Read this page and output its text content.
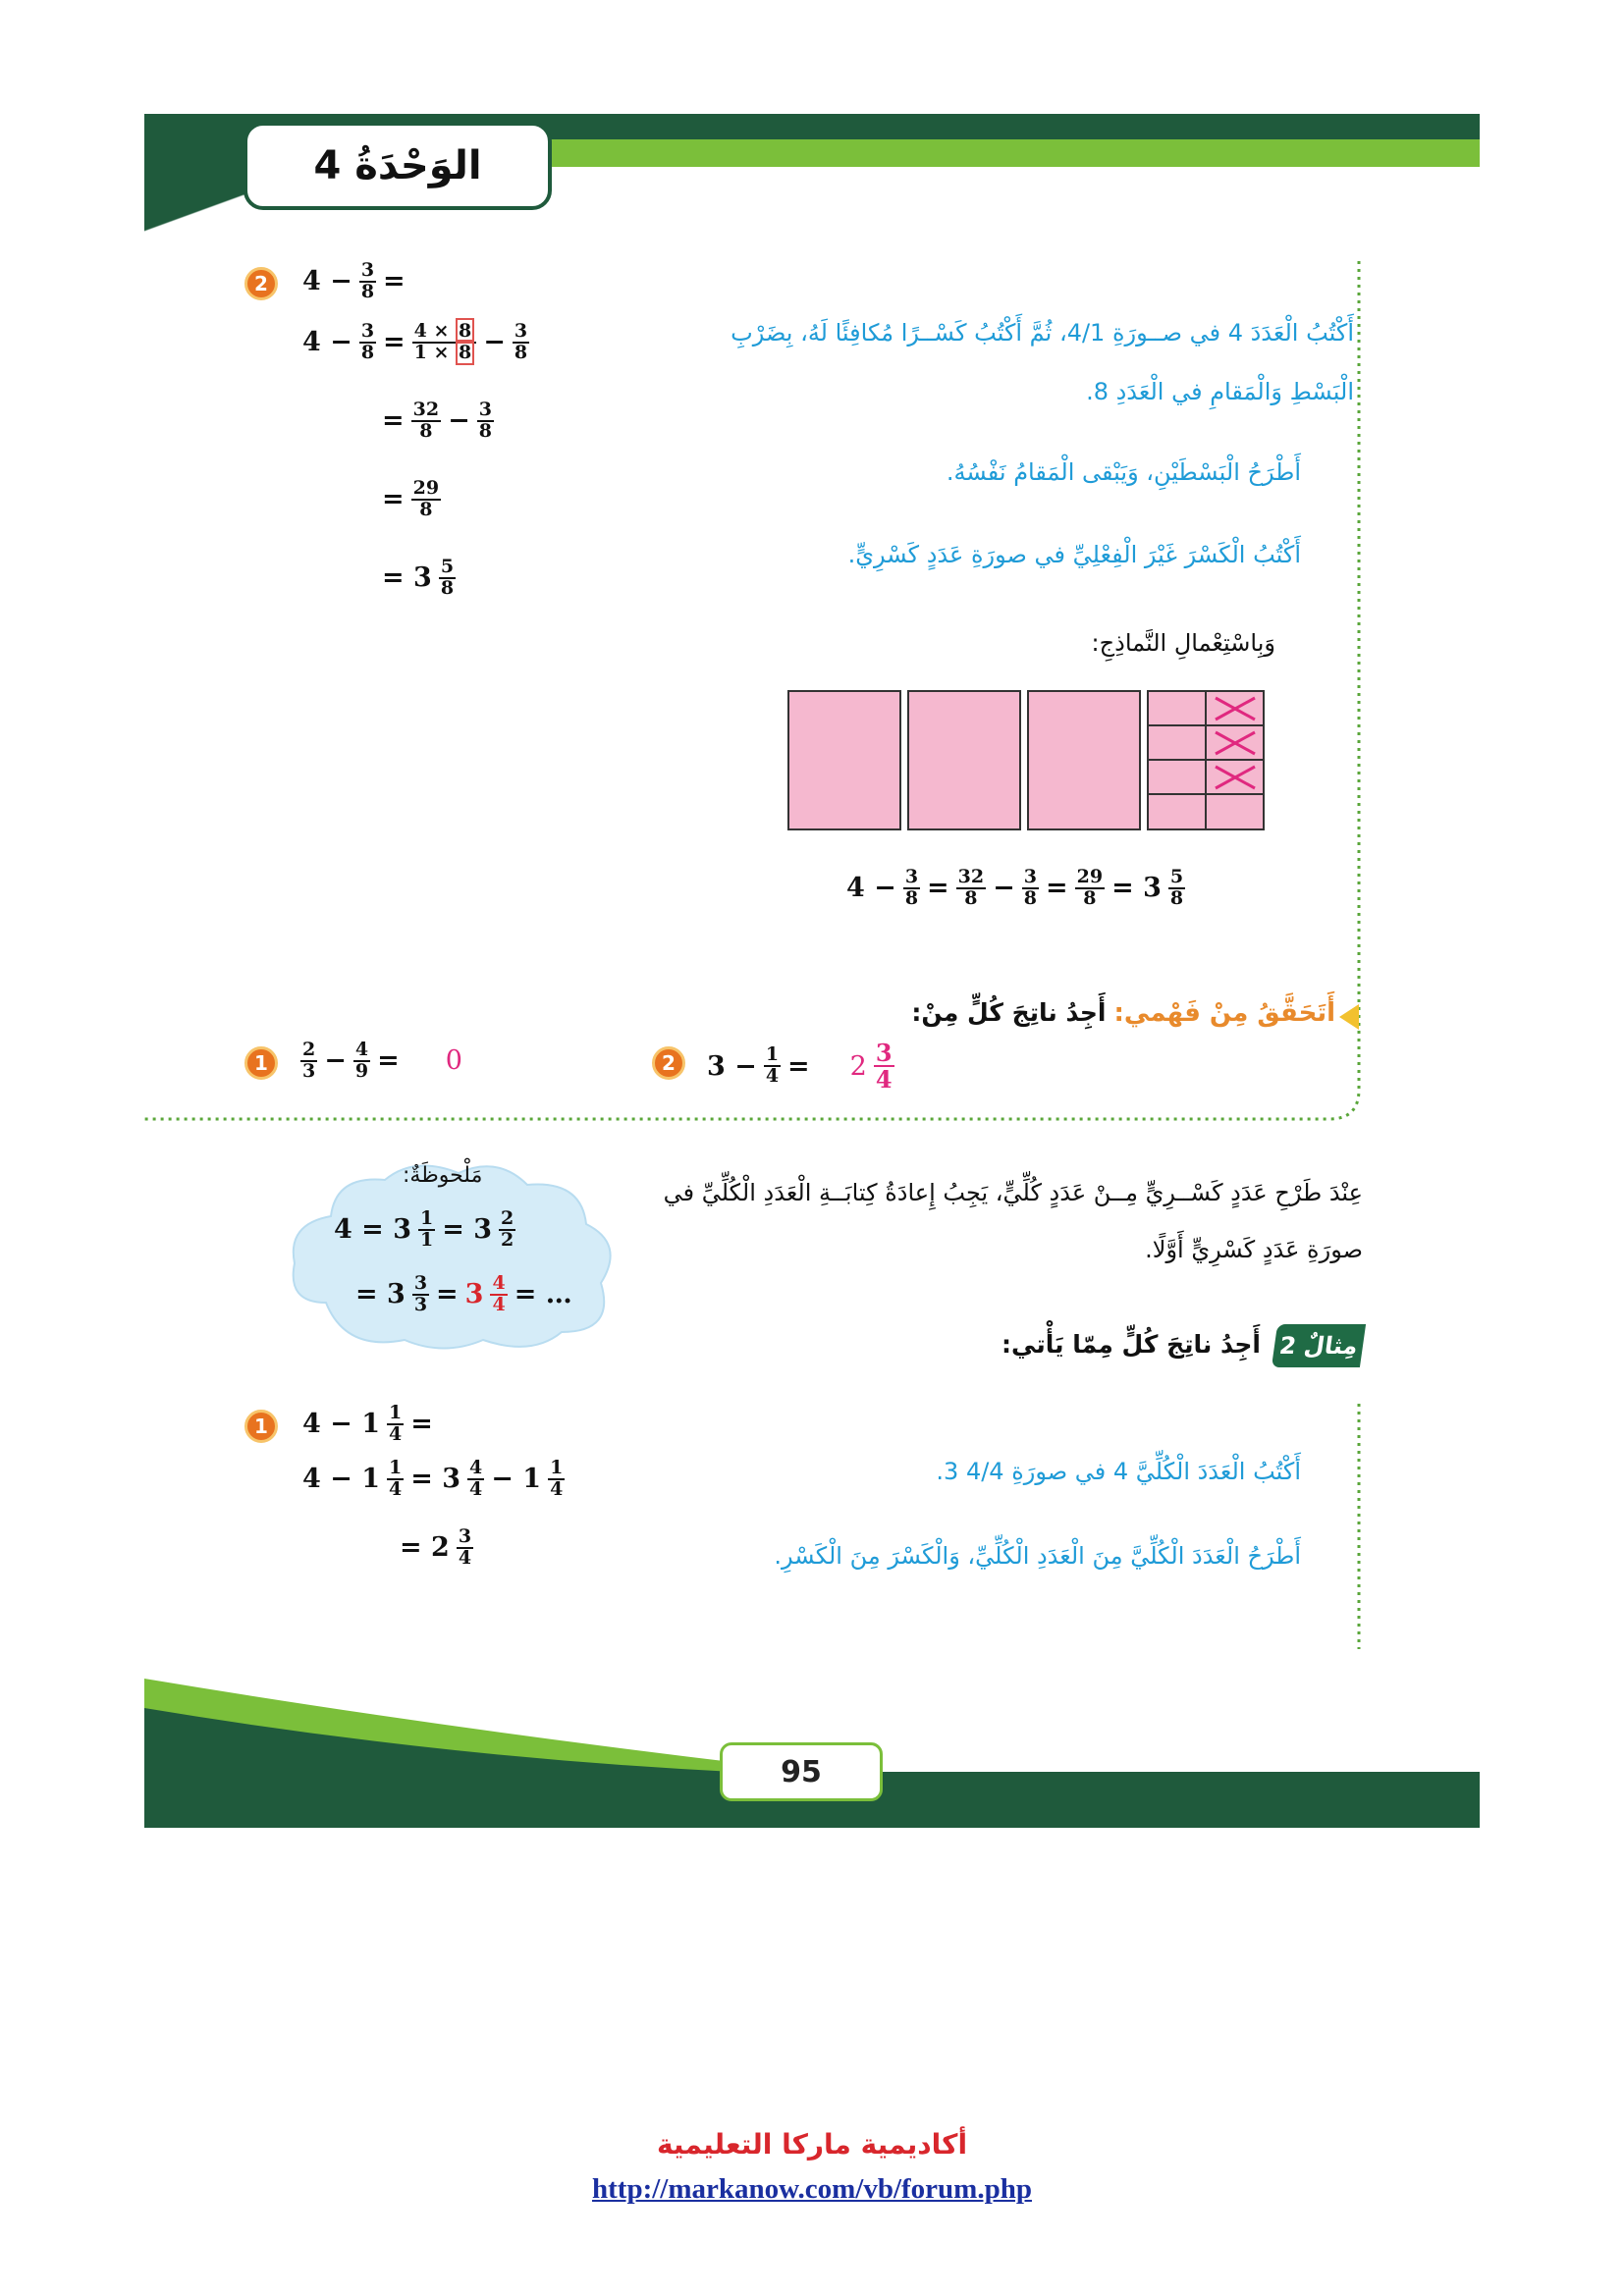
الوَحْدَةُ 4
2	$4 - \frac{3}{8}$ =
$4 - \frac{3}{8} = \frac{4 \times 8}{1 \times 8} - \frac{3}{8}$
= $\frac{32}{8} - \frac{3}{8}$
= $\frac{29}{8}$
= $3 \frac{5}{8}$
أَكْتُبُ الْعَدَدَ 4 في صــورَةِ 4/1، ثُمَّ أَكْتُبُ كَسْــرًا مُكافِئًا لَهُ، بِضَرْبِ
الْبَسْطِ وَالْمَقامِ في الْعَدَدِ 8.
أَطْرَحُ الْبَسْطَيْنِ، وَيَبْقى الْمَقامُ نَفْسُهُ.
أَكْتُبُ الْكَسْرَ غَيْرَ الْفِعْلِيِّ في صورَةِ عَدَدٍ كَسْرِيٍّ.
وَبِاسْتِعْمالِ النَّماذِجِ:
$4 - \frac{3}{8} = \frac{32}{8} - \frac{3}{8} = \frac{29}{8} = 3 \frac{5}{8}$
أَتَحَقَّقُ مِنْ فَهْمي:
أَجِدُ ناتِجَ كُلٍّ مِنْ:
1	$\frac{2}{3} - \frac{4}{9} = 0$	2	$3 - \frac{1}{4} = 2 \frac{3}{4}$
مَلْحوظَةٌ:
$4 = 3 \frac{1}{1} = 3 \frac{2}{2}$
= $3 \frac{3}{3} = 3 \frac{4}{4}$ = …
عِنْدَ طَرْحِ عَدَدٍ كَسْــرِيٍّ مِــنْ عَدَدٍ كُلِّيٍّ، يَجِبُ إِعادَةُ كِتابَــةِ الْعَدَدِ الْكُلِّيِّ في
صورَةِ عَدَدٍ كَسْرِيٍّ أَوَّلًا.
مِثالٌ 2
أَجِدُ ناتِجَ كُلٍّ مِمّا يَأْتي:
1	$4 - 1 \frac{1}{4}$ =
$4 - 1 \frac{1}{4} = 3 \frac{4}{4} - 1 \frac{1}{4}$
= $2 \frac{3}{4}$
أَكْتُبُ الْعَدَدَ الْكُلِّيَّ 4 في صورَةِ 4/4 3.
أَطْرَحُ الْعَدَدَ الْكُلِّيَّ مِنَ الْعَدَدِ الْكُلِّيِّ، وَالْكَسْرَ مِنَ الْكَسْرِ.
95
أكاديمية ماركا التعليمية
http://markanow.com/vb/forum.php
